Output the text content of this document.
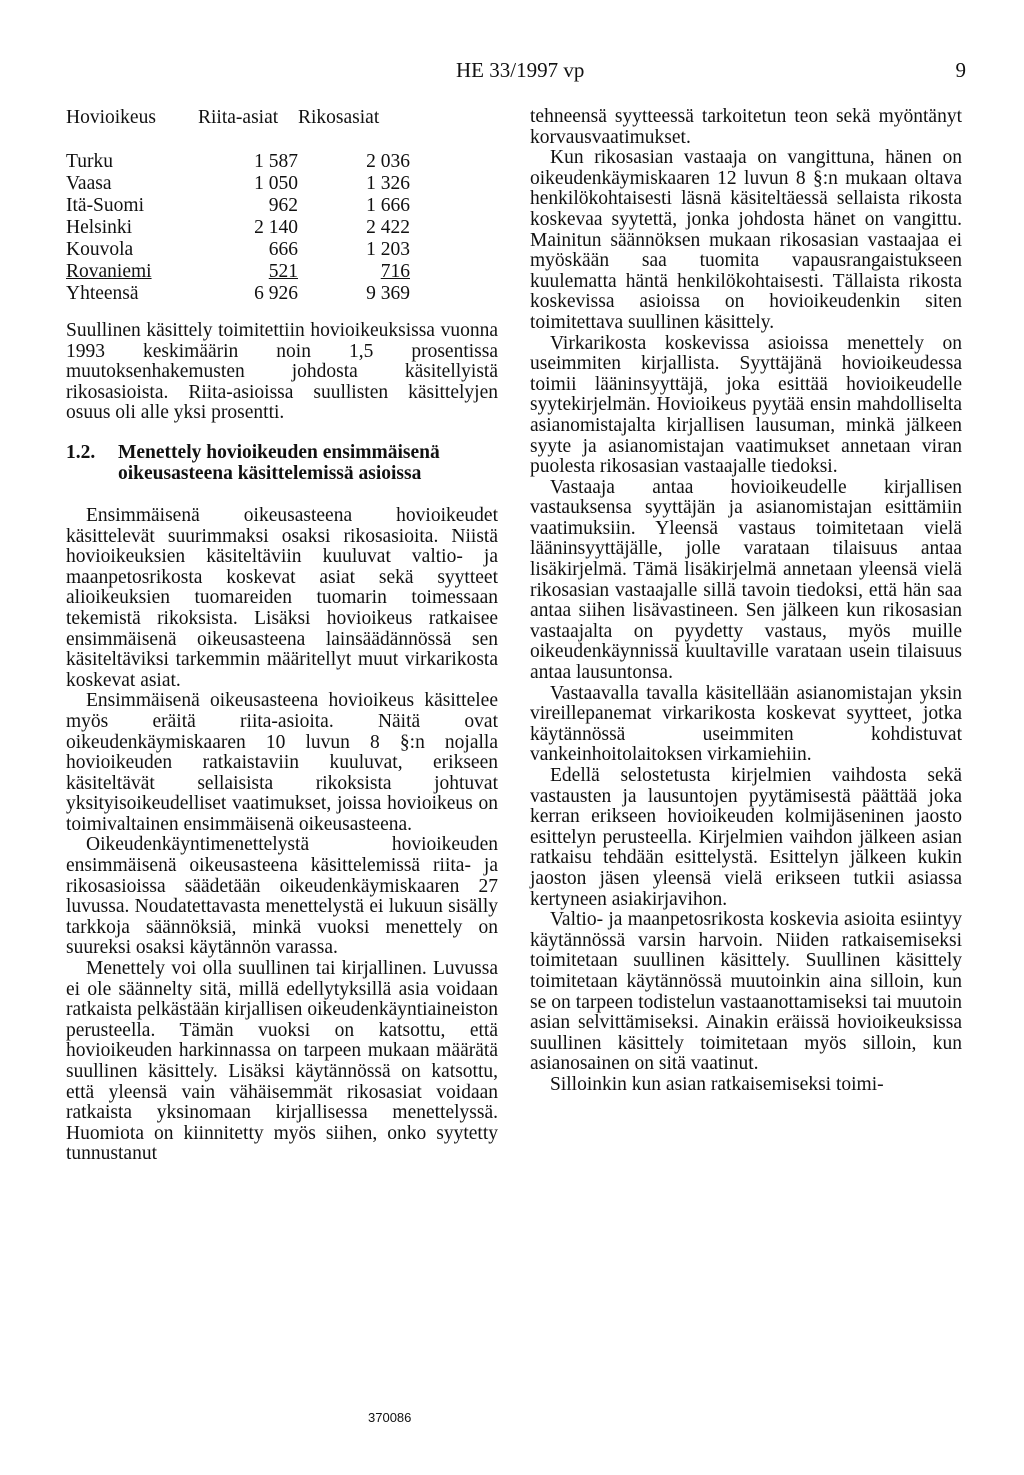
HE 33/1997 vp	9
Hovioikeus	Riita-asiat	Rikosasiat
Turku	1 587	2 036
Vaasa	1 050	1 326
Itä-Suomi	962	1 666
Helsinki	2 140	2 422
Kouvola	666	1 203
Rovaniemi	521	716
Yhteensä	6 926	9 369

Suullinen käsittely toimitettiin hovioikeuksissa vuonna 1993 keskimäärin noin 1,5 prosentissa muutoksenhakemusten johdosta käsitellyistä rikosasioista. Riita-asioissa suullisten käsittelyjen osuus oli alle yksi prosentti.

1.2.	Menettely hovioikeuden ensimmäisenä oikeusasteena käsittelemissä asioissa

Ensimmäisenä oikeusasteena hovioikeudet käsittelevät suurimmaksi osaksi rikosasioita. Niistä hovioikeuksien käsiteltäviin kuuluvat valtio- ja maanpetosrikosta koskevat asiat sekä syytteet alioikeuksien tuomareiden tuomarin toimessaan tekemistä rikoksista. Lisäksi hovioikeus ratkaisee ensimmäisenä oikeusasteena lainsäädännössä sen käsiteltäviksi tarkemmin määritellyt muut virkarikosta koskevat asiat.

Ensimmäisenä oikeusasteena hovioikeus käsittelee myös eräitä riita-asioita. Näitä ovat oikeudenkäymiskaaren 10 luvun 8 §:n nojalla hovioikeuden ratkaistaviin kuuluvat, erikseen käsiteltävät sellaisista rikoksista johtuvat yksityisoikeudelliset vaatimukset, joissa hovioikeus on toimivaltainen ensimmäisenä oikeusasteena.

Oikeudenkäyntimenettelystä hovioikeuden ensimmäisenä oikeusasteena käsittelemissä riita- ja rikosasioissa säädetään oikeudenkäymiskaaren 27 luvussa. Noudatettavasta menettelystä ei lukuun sisälly tarkkoja säännöksiä, minkä vuoksi menettely on suureksi osaksi käytännön varassa.

Menettely voi olla suullinen tai kirjallinen. Luvussa ei ole säännelty sitä, millä edellytyksillä asia voidaan ratkaista pelkästään kirjallisen oikeudenkäyntiaineiston perusteella. Tämän vuoksi on katsottu, että hovioikeuden harkinnassa on tarpeen mukaan määrätä suullinen käsittely. Lisäksi käytännössä on katsottu, että yleensä vain vähäisemmät rikosasiat voidaan ratkaista yksinomaan kirjallisessa menettelyssä. Huomiota on kiinnitetty myös siihen, onko syytetty tunnustanut

tehneensä syytteessä tarkoitetun teon sekä myöntänyt korvausvaatimukset.

Kun rikosasian vastaaja on vangittuna, hänen on oikeudenkäymiskaaren 12 luvun 8 §:n mukaan oltava henkilökohtaisesti läsnä käsiteltäessä sellaista rikosta koskevaa syytettä, jonka johdosta hänet on vangittu. Mainitun säännöksen mukaan rikosasian vastaajaa ei myöskään saa tuomita vapausrangaistukseen kuulematta häntä henkilökohtaisesti. Tällaista rikosta koskevissa asioissa on hovioikeudenkin siten toimitettava suullinen käsittely.

Virkarikosta koskevissa asioissa menettely on useimmiten kirjallista. Syyttäjänä hovioikeudessa toimii lääninsyyttäjä, joka esittää hovioikeudelle syytekirjelmän. Hovioikeus pyytää ensin mahdolliselta asianomistajalta kirjallisen lausuman, minkä jälkeen syyte ja asianomistajan vaatimukset annetaan viran puolesta rikosasian vastaajalle tiedoksi.

Vastaaja antaa hovioikeudelle kirjallisen vastauksensa syyttäjän ja asianomistajan esittämiin vaatimuksiin. Yleensä vastaus toimitetaan vielä lääninsyyttäjälle, jolle varataan tilaisuus antaa lisäkirjelmä. Tämä lisäkirjelmä annetaan yleensä vielä rikosasian vastaajalle sillä tavoin tiedoksi, että hän saa antaa siihen lisävastineen. Sen jälkeen kun rikosasian vastaajalta on pyydetty vastaus, myös muille oikeudenkäynnissä kuultaville varataan usein tilaisuus antaa lausuntonsa.

Vastaavalla tavalla käsitellään asianomistajan yksin vireillepanemat virkarikosta koskevat syytteet, jotka käytännössä useimmiten kohdistuvat vankeinhoitolaitoksen virkamiehiin.

Edellä selostetusta kirjelmien vaihdosta sekä vastausten ja lausuntojen pyytämisestä päättää joka kerran erikseen hovioikeuden kolmijäseninen jaosto esittelyn perusteella. Kirjelmien vaihdon jälkeen asian ratkaisu tehdään esittelystä. Esittelyn jälkeen kukin jaoston jäsen yleensä vielä erikseen tutkii asiassa kertyneen asiakirjavihon.

Valtio- ja maanpetosrikosta koskevia asioita esiintyy käytännössä varsin harvoin. Niiden ratkaisemiseksi toimitetaan suullinen käsittely. Suullinen käsittely toimitetaan käytännössä muutoinkin aina silloin, kun se on tarpeen todistelun vastaanottamiseksi tai muutoin asian selvittämiseksi. Ainakin eräissä hovioikeuksissa suullinen käsittely toimitetaan myös silloin, kun asianosainen on sitä vaatinut.

Silloinkin kun asian ratkaisemiseksi toimi-

370086
